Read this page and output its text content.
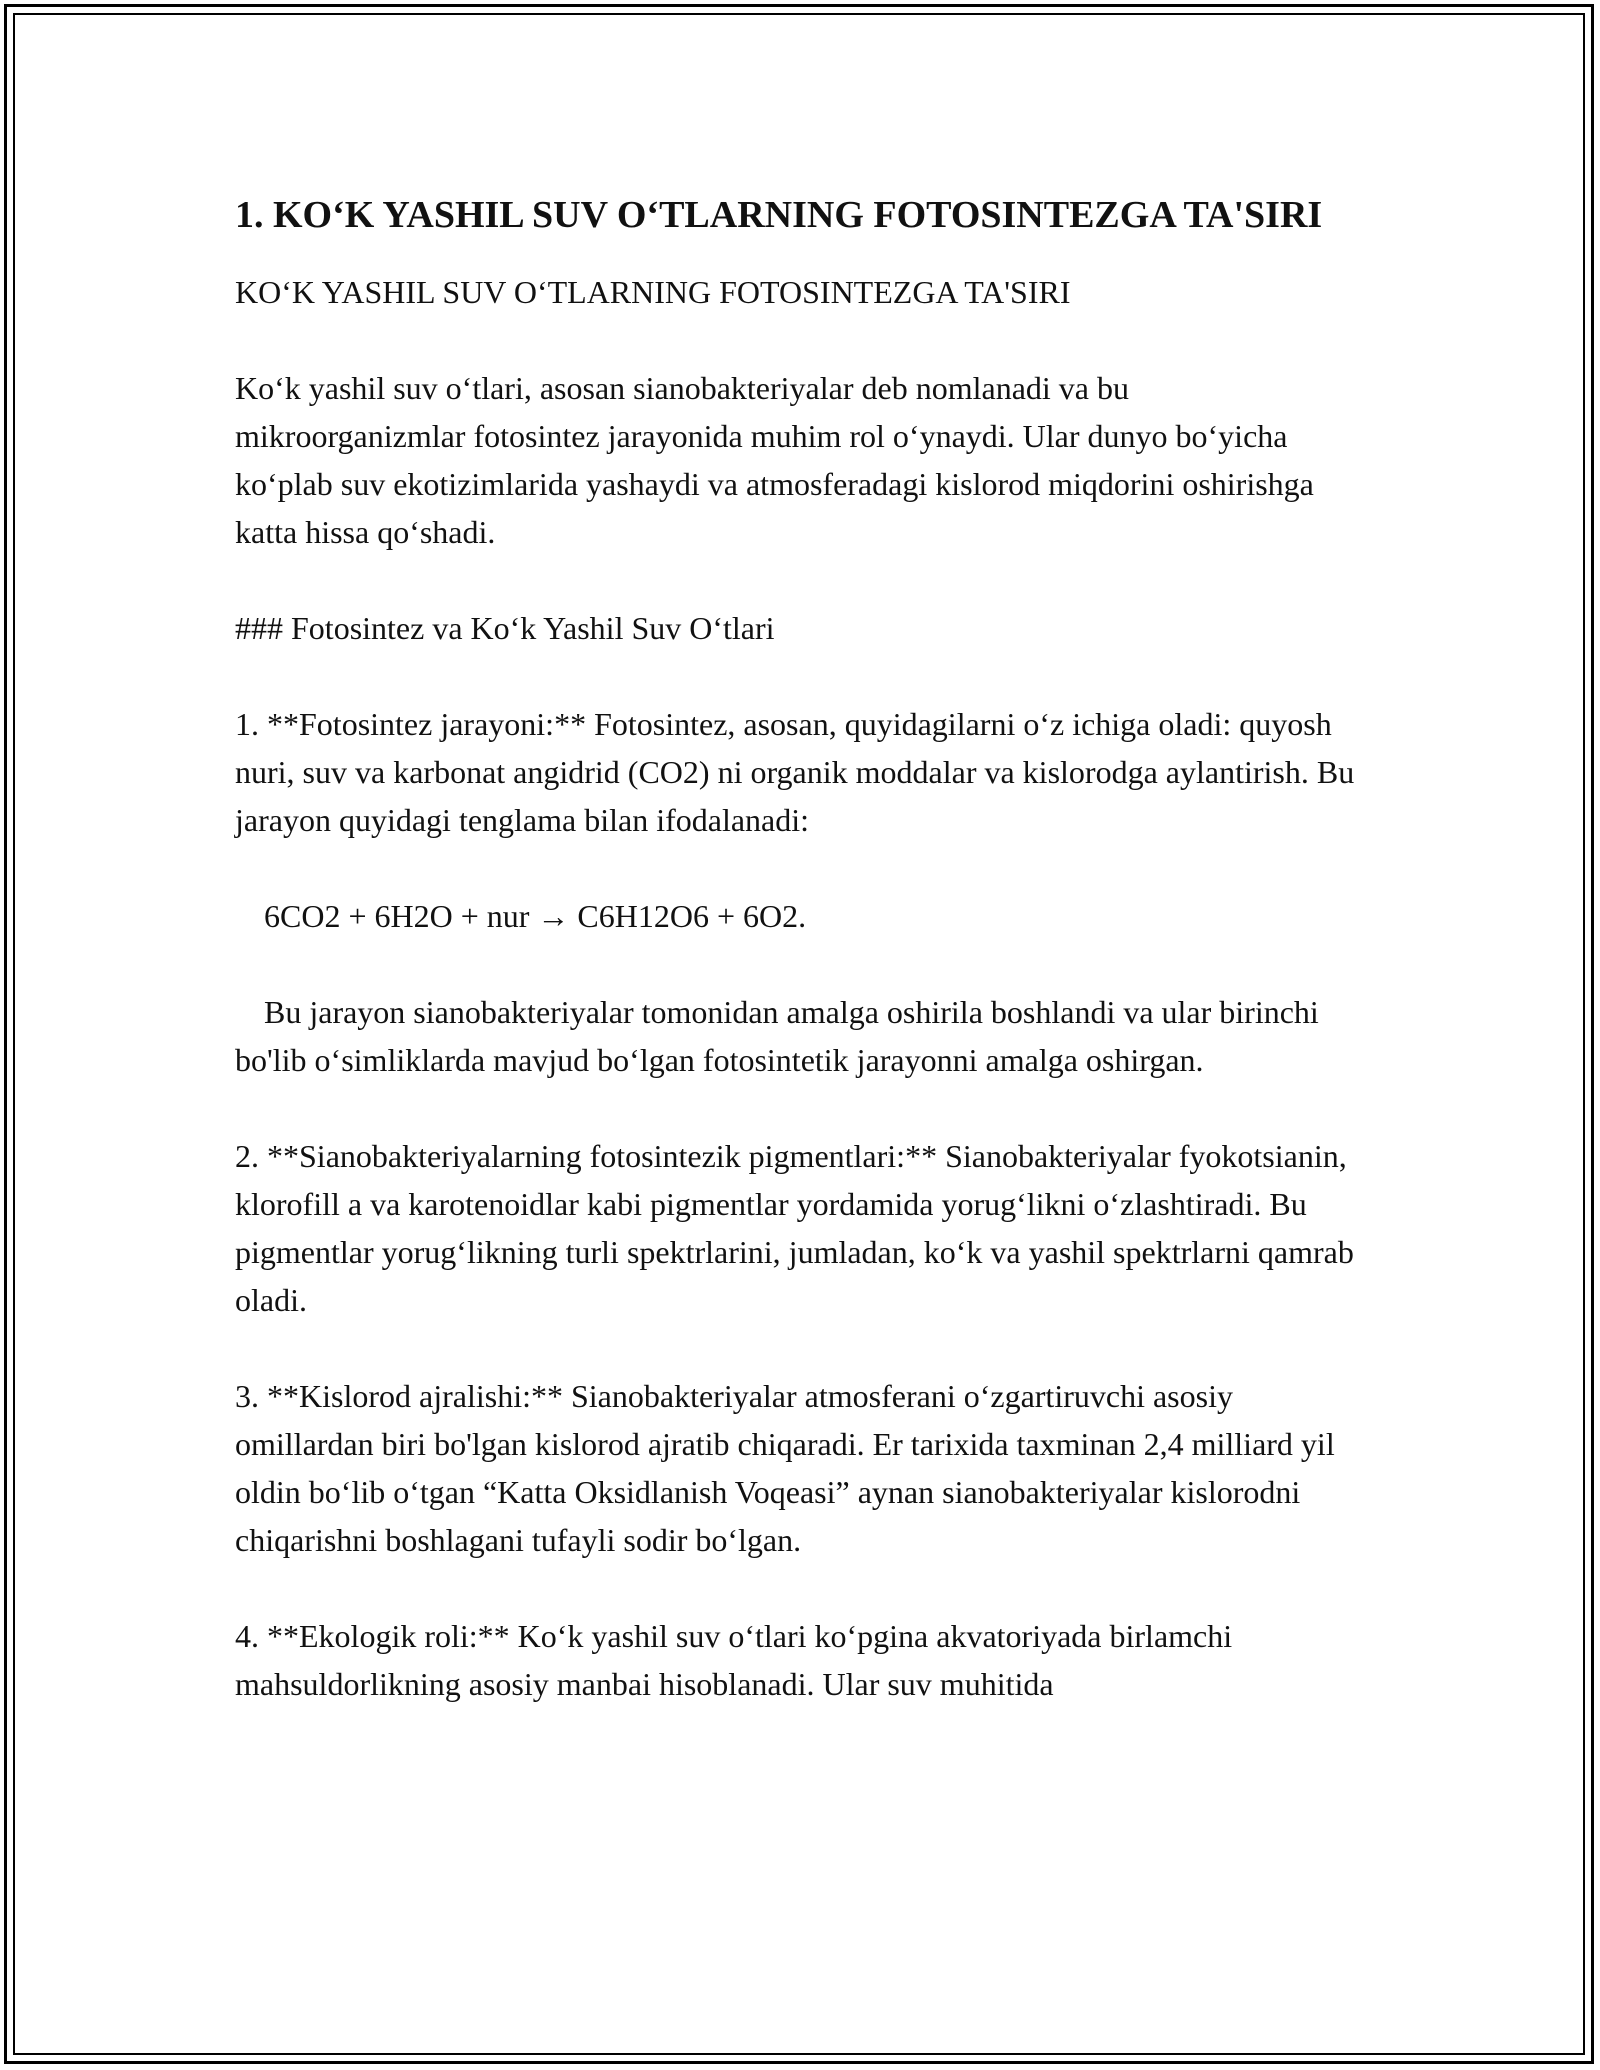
1. KO‘K YASHIL SUV O‘TLARNING FOTOSINTEZGA TA'SIRI
KO‘K YASHIL SUV O‘TLARNING FOTOSINTEZGA TA'SIRI

Ko‘k yashil suv o‘tlari, asosan sianobakteriyalar deb nomlanadi va bu mikroorganizmlar fotosintez jarayonida muhim rol o‘ynaydi. Ular dunyo bo‘yicha ko‘plab suv ekotizimlarida yashaydi va atmosferadagi kislorod miqdorini oshirishga katta hissa qo‘shadi.

### Fotosintez va Ko‘k Yashil Suv O‘tlari

1. **Fotosintez jarayoni:** Fotosintez, asosan, quyidagilarni o‘z ichiga oladi: quyosh nuri, suv va karbonat angidrid (CO2) ni organik moddalar va kislorodga aylantirish. Bu jarayon quyidagi tenglama bilan ifodalanadi:

6CO2 + 6H2O + nur → C6H12O6 + 6O2.

Bu jarayon sianobakteriyalar tomonidan amalga oshirila boshlandi va ular birinchi bo'lib o‘simliklarda mavjud bo‘lgan fotosintetik jarayonni amalga oshirgan.

2. **Sianobakteriyalarning fotosintezik pigmentlari:** Sianobakteriyalar fyokotsianin, klorofill a va karotenoidlar kabi pigmentlar yordamida yorug‘likni o‘zlashtiradi. Bu pigmentlar yorug‘likning turli spektrlarini, jumladan, ko‘k va yashil spektrlarni qamrab oladi.

3. **Kislorod ajralishi:** Sianobakteriyalar atmosferani o‘zgartiruvchi asosiy omillardan biri bo'lgan kislorod ajratib chiqaradi. Er tarixida taxminan 2,4 milliard yil oldin bo‘lib o‘tgan “Katta Oksidlanish Voqeasi” aynan sianobakteriyalar kislorodni chiqarishni boshlagani tufayli sodir bo‘lgan.

4. **Ekologik roli:** Ko‘k yashil suv o‘tlari ko‘pgina akvatoriyada birlamchi mahsuldorlikning asosiy manbai hisoblanadi. Ular suv muhitida
